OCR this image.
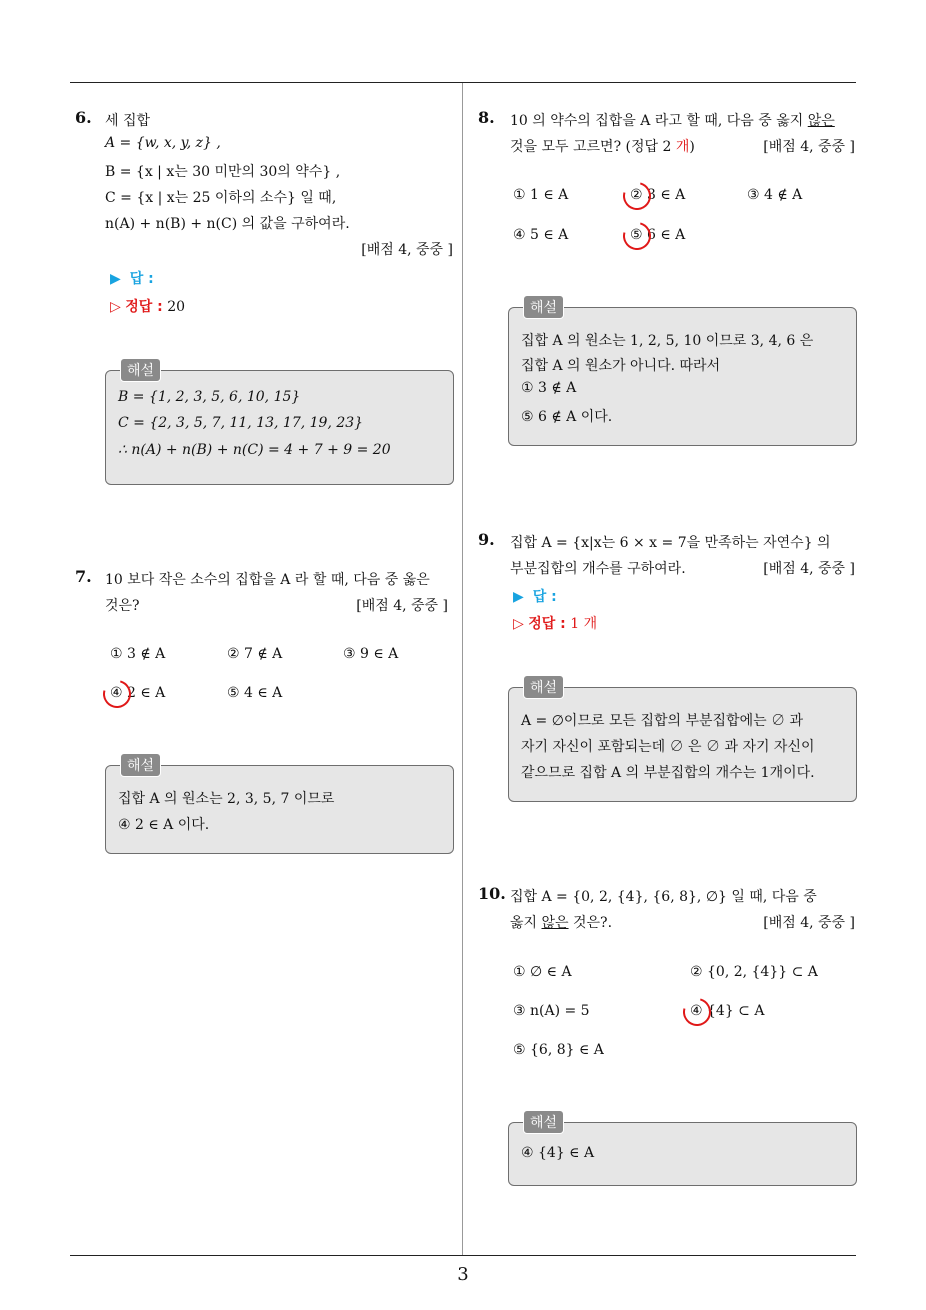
3
6. 세 집합
A = {w, x, y, z} ,
B = {x | x는 30 미만의 30의 약수} ,
C = {x | x는 25 이하의 소수} 일 때,
n(A) + n(B) + n(C) 의 값을 구하여라.
[배점 4, 중중 ]
▶ 답 :
▷ 정답 : 20
해설
B = {1, 2, 3, 5, 6, 10, 15}
C = {2, 3, 5, 7, 11, 13, 17, 19, 23}
∴ n(A) + n(B) + n(C) = 4 + 7 + 9 = 20
7. 10 보다 작은 소수의 집합을 A 라 할 때, 다음 중 옳은
것은?	[배점 4, 중중 ]
① 3 ∉ A	② 7 ∉ A	③ 9 ∈ A
④ 2 ∈ A	⑤ 4 ∈ A
해설
집합 A 의 원소는 2, 3, 5, 7 이므로
④ 2 ∈ A 이다.
8. 10 의 약수의 집합을 A 라고 할 때, 다음 중 옳지 않은
것을 모두 고르면? (정답 2 개)	[배점 4, 중중 ]
① 1 ∈ A	② 3 ∈ A	③ 4 ∉ A
④ 5 ∈ A	⑤ 6 ∈ A
해설
집합 A 의 원소는 1, 2, 5, 10 이므로 3, 4, 6 은
집합 A 의 원소가 아니다. 따라서
① 3 ∉ A
⑤ 6 ∉ A 이다.
9. 집합 A = {x|x는 6 × x = 7을 만족하는 자연수} 의
부분집합의 개수를 구하여라.	[배점 4, 중중 ]
▶ 답 :
▷ 정답 : 1 개
해설
A = ∅이므로 모든 집합의 부분집합에는 ∅ 과
자기 자신이 포함되는데 ∅ 은 ∅ 과 자기 자신이
같으므로 집합 A 의 부분집합의 개수는 1개이다.
10. 집합 A = {0, 2, {4}, {6, 8}, ∅} 일 때, 다음 중
옳지 않은 것은?.	[배점 4, 중중 ]
① ∅ ∈ A	② {0, 2, {4}} ⊂ A
③ n(A) = 5	④ {4} ⊂ A
⑤ {6, 8} ∈ A
해설
④ {4} ∈ A
